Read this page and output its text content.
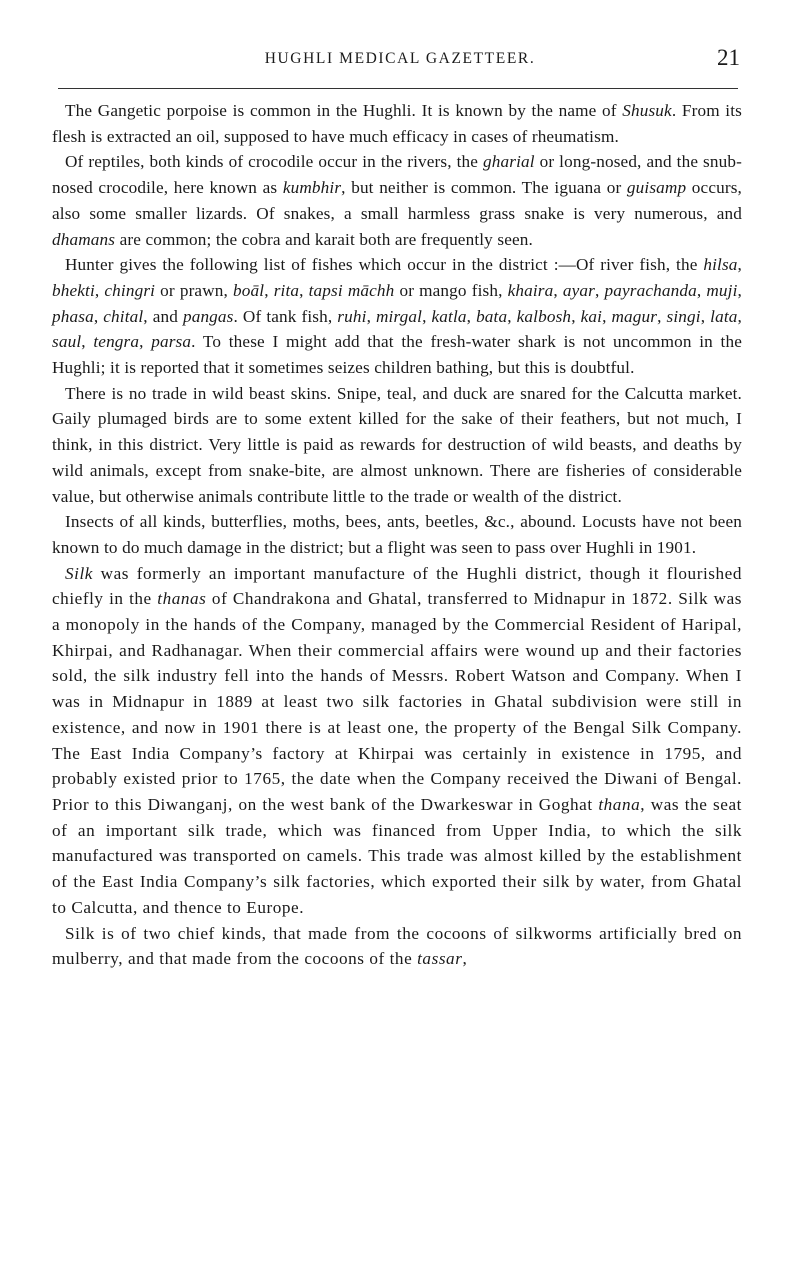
HUGHLI MEDICAL GAZETTEER.	21

The Gangetic porpoise is common in the Hughli. It is known by the name of Shusuk. From its flesh is extracted an oil, supposed to have much efficacy in cases of rheumatism.

Of reptiles, both kinds of crocodile occur in the rivers, the gharial or long-nosed, and the snub-nosed crocodile, here known as kumbhir, but neither is common. The iguana or guisamp occurs, also some smaller lizards. Of snakes, a small harmless grass snake is very numerous, and dhamans are common; the cobra and karait both are frequently seen.

Hunter gives the following list of fishes which occur in the district :—Of river fish, the hilsa, bhekti, chingri or prawn, boāl, rita, tapsi māchh or mango fish, khaira, ayar, payrachanda, muji, phasa, chital, and pangas. Of tank fish, ruhi, mirgal, katla, bata, kalbosh, kai, magur, singi, lata, saul, tengra, parsa. To these I might add that the fresh-water shark is not uncommon in the Hughli; it is reported that it sometimes seizes children bathing, but this is doubtful.

There is no trade in wild beast skins. Snipe, teal, and duck are snared for the Calcutta market. Gaily plumaged birds are to some extent killed for the sake of their feathers, but not much, I think, in this district. Very little is paid as rewards for destruction of wild beasts, and deaths by wild animals, except from snake-bite, are almost unknown. There are fisheries of considerable value, but otherwise animals contribute little to the trade or wealth of the district.

Insects of all kinds, butterflies, moths, bees, ants, beetles, &c., abound. Locusts have not been known to do much damage in the district; but a flight was seen to pass over Hughli in 1901.

Silk was formerly an important manufacture of the Hughli district, though it flourished chiefly in the thanas of Chandrakona and Ghatal, transferred to Midnapur in 1872. Silk was a monopoly in the hands of the Company, managed by the Commercial Resident of Haripal, Khirpai, and Radhanagar. When their commercial affairs were wound up and their factories sold, the silk industry fell into the hands of Messrs. Robert Watson and Company. When I was in Midnapur in 1889 at least two silk factories in Ghatal subdivision were still in existence, and now in 1901 there is at least one, the property of the Bengal Silk Company. The East India Company’s factory at Khirpai was certainly in existence in 1795, and probably existed prior to 1765, the date when the Company received the Diwani of Bengal. Prior to this Diwanganj, on the west bank of the Dwarkeswar in Goghat thana, was the seat of an important silk trade, which was financed from Upper India, to which the silk manufactured was transported on camels. This trade was almost killed by the establishment of the East India Company’s silk factories, which exported their silk by water, from Ghatal to Calcutta, and thence to Europe.

Silk is of two chief kinds, that made from the cocoons of silkworms artificially bred on mulberry, and that made from the cocoons of the tassar,
